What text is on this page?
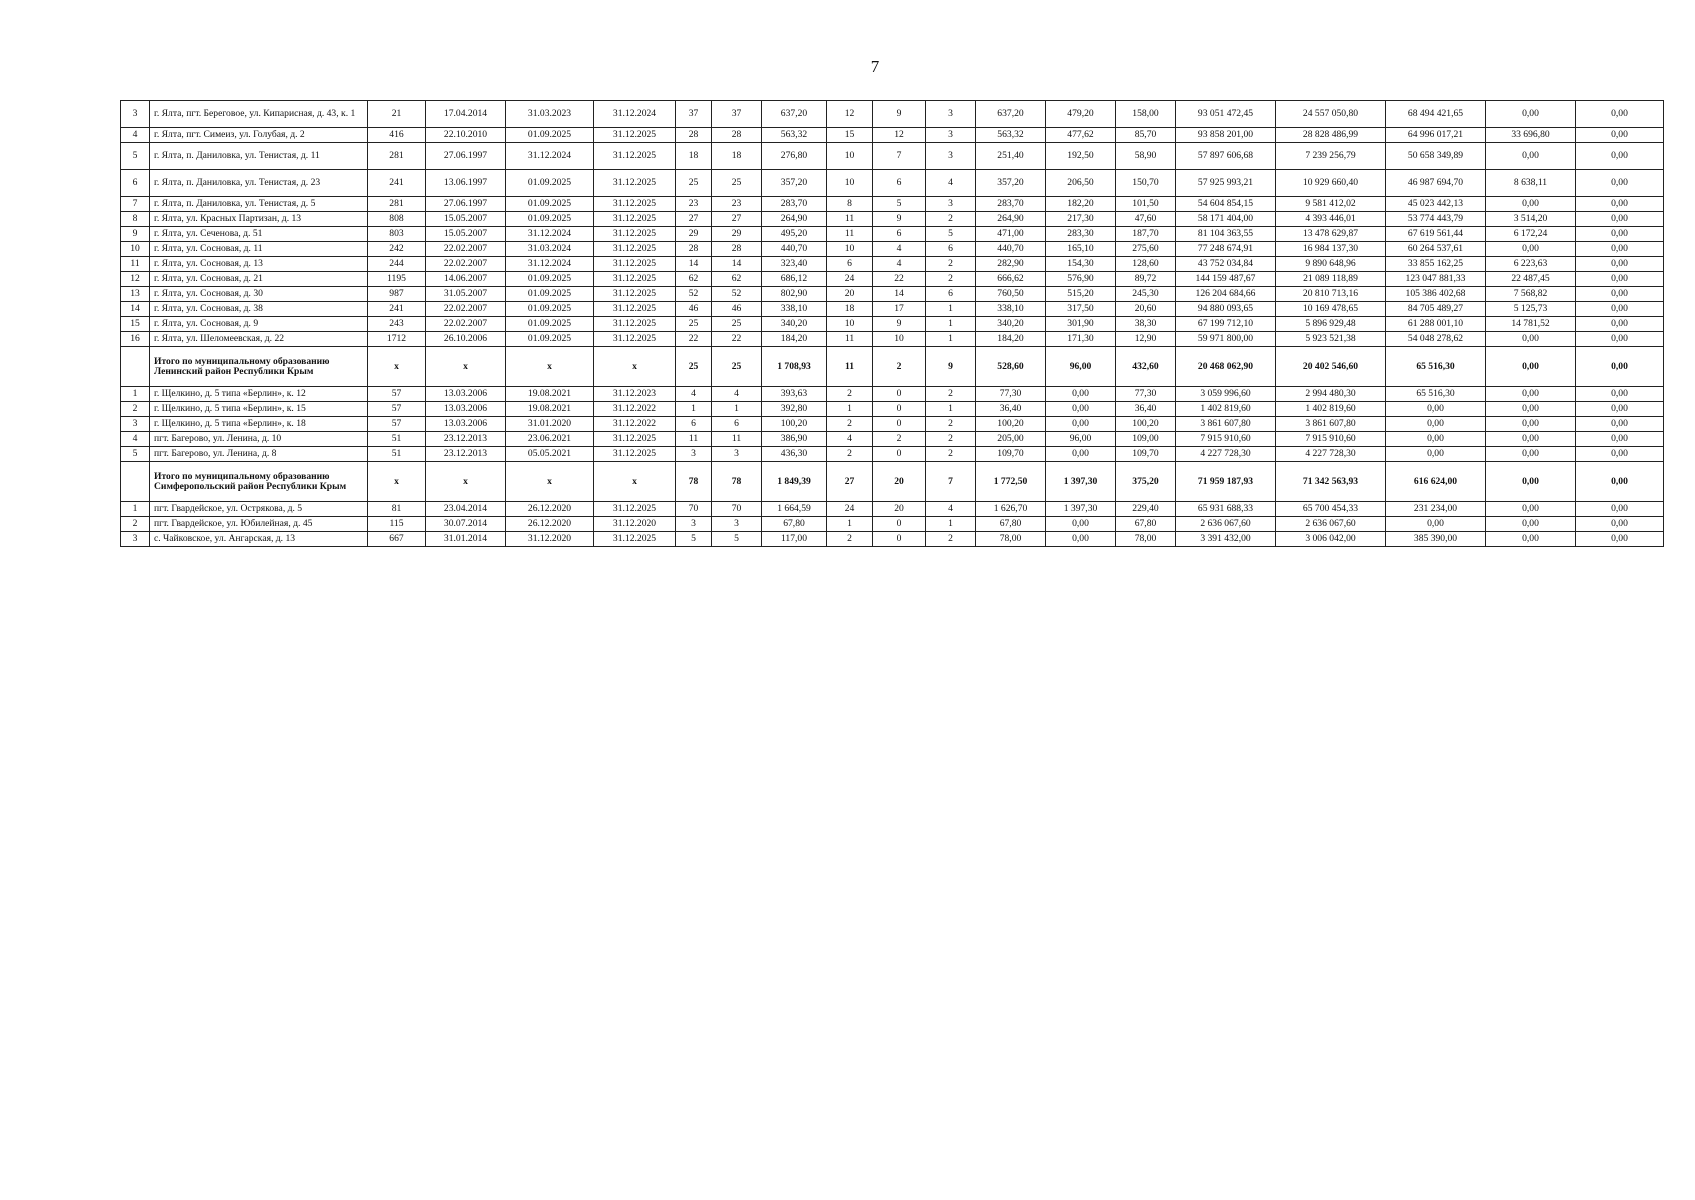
7
3	г. Ялта, пгт. Береговое, ул. Кипарисная, д. 43, к. 1	21	17.04.2014	31.03.2023	31.12.2024	37	37	637,20	12	9	3	637,20	479,20	158,00	93 051 472,45	24 557 050,80	68 494 421,65	0,00	0,00
4	г. Ялта, пгт. Симеиз, ул. Голубая, д. 2	416	22.10.2010	01.09.2025	31.12.2025	28	28	563,32	15	12	3	563,32	477,62	85,70	93 858 201,00	28 828 486,99	64 996 017,21	33 696,80	0,00
5	г. Ялта, п. Даниловка, ул. Тенистая, д. 11	281	27.06.1997	31.12.2024	31.12.2025	18	18	276,80	10	7	3	251,40	192,50	58,90	57 897 606,68	7 239 256,79	50 658 349,89	0,00	0,00
6	г. Ялта, п. Даниловка, ул. Тенистая, д. 23	241	13.06.1997	01.09.2025	31.12.2025	25	25	357,20	10	6	4	357,20	206,50	150,70	57 925 993,21	10 929 660,40	46 987 694,70	8 638,11	0,00
7	г. Ялта, п. Даниловка, ул. Тенистая, д. 5	281	27.06.1997	01.09.2025	31.12.2025	23	23	283,70	8	5	3	283,70	182,20	101,50	54 604 854,15	9 581 412,02	45 023 442,13	0,00	0,00
8	г. Ялта, ул. Красных Партизан, д. 13	808	15.05.2007	01.09.2025	31.12.2025	27	27	264,90	11	9	2	264,90	217,30	47,60	58 171 404,00	4 393 446,01	53 774 443,79	3 514,20	0,00
9	г. Ялта, ул. Сеченова, д. 51	803	15.05.2007	31.12.2024	31.12.2025	29	29	495,20	11	6	5	471,00	283,30	187,70	81 104 363,55	13 478 629,87	67 619 561,44	6 172,24	0,00
10	г. Ялта, ул. Сосновая, д. 11	242	22.02.2007	31.03.2024	31.12.2025	28	28	440,70	10	4	6	440,70	165,10	275,60	77 248 674,91	16 984 137,30	60 264 537,61	0,00	0,00
11	г. Ялта, ул. Сосновая, д. 13	244	22.02.2007	31.12.2024	31.12.2025	14	14	323,40	6	4	2	282,90	154,30	128,60	43 752 034,84	9 890 648,96	33 855 162,25	6 223,63	0,00
12	г. Ялта, ул. Сосновая, д. 21	1195	14.06.2007	01.09.2025	31.12.2025	62	62	686,12	24	22	2	666,62	576,90	89,72	144 159 487,67	21 089 118,89	123 047 881,33	22 487,45	0,00
13	г. Ялта, ул. Сосновая, д. 30	987	31.05.2007	01.09.2025	31.12.2025	52	52	802,90	20	14	6	760,50	515,20	245,30	126 204 684,66	20 810 713,16	105 386 402,68	7 568,82	0,00
14	г. Ялта, ул. Сосновая, д. 38	241	22.02.2007	01.09.2025	31.12.2025	46	46	338,10	18	17	1	338,10	317,50	20,60	94 880 093,65	10 169 478,65	84 705 489,27	5 125,73	0,00
15	г. Ялта, ул. Сосновая, д. 9	243	22.02.2007	01.09.2025	31.12.2025	25	25	340,20	10	9	1	340,20	301,90	38,30	67 199 712,10	5 896 929,48	61 288 001,10	14 781,52	0,00
16	г. Ялта, ул. Шеломеевская, д. 22	1712	26.10.2006	01.09.2025	31.12.2025	22	22	184,20	11	10	1	184,20	171,30	12,90	59 971 800,00	5 923 521,38	54 048 278,62	0,00	0,00
	Итого по муниципальному образованию Ленинский район Республики Крым	x	x	x	x	25	25	1 708,93	11	2	9	528,60	96,00	432,60	20 468 062,90	20 402 546,60	65 516,30	0,00	0,00
1	г. Щелкино, д. 5 типа «Берлин», к. 12	57	13.03.2006	19.08.2021	31.12.2023	4	4	393,63	2	0	2	77,30	0,00	77,30	3 059 996,60	2 994 480,30	65 516,30	0,00	0,00
2	г. Щелкино, д. 5 типа «Берлин», к. 15	57	13.03.2006	19.08.2021	31.12.2022	1	1	392,80	1	0	1	36,40	0,00	36,40	1 402 819,60	1 402 819,60	0,00	0,00	0,00
3	г. Щелкино, д. 5 типа «Берлин», к. 18	57	13.03.2006	31.01.2020	31.12.2022	6	6	100,20	2	0	2	100,20	0,00	100,20	3 861 607,80	3 861 607,80	0,00	0,00	0,00
4	пгт. Багерово, ул. Ленина, д. 10	51	23.12.2013	23.06.2021	31.12.2025	11	11	386,90	4	2	2	205,00	96,00	109,00	7 915 910,60	7 915 910,60	0,00	0,00	0,00
5	пгт. Багерово, ул. Ленина, д. 8	51	23.12.2013	05.05.2021	31.12.2025	3	3	436,30	2	0	2	109,70	0,00	109,70	4 227 728,30	4 227 728,30	0,00	0,00	0,00
	Итого по муниципальному образованию Симферопольский район Республики Крым	x	x	x	x	78	78	1 849,39	27	20	7	1 772,50	1 397,30	375,20	71 959 187,93	71 342 563,93	616 624,00	0,00	0,00
1	пгт. Гвардейское, ул. Острякова, д. 5	81	23.04.2014	26.12.2020	31.12.2025	70	70	1 664,59	24	20	4	1 626,70	1 397,30	229,40	65 931 688,33	65 700 454,33	231 234,00	0,00	0,00
2	пгт. Гвардейское, ул. Юбилейная, д. 45	115	30.07.2014	26.12.2020	31.12.2020	3	3	67,80	1	0	1	67,80	0,00	67,80	2 636 067,60	2 636 067,60	0,00	0,00	0,00
3	с. Чайковское, ул. Ангарская, д. 13	667	31.01.2014	31.12.2020	31.12.2025	5	5	117,00	2	0	2	78,00	0,00	78,00	3 391 432,00	3 006 042,00	385 390,00	0,00	0,00
